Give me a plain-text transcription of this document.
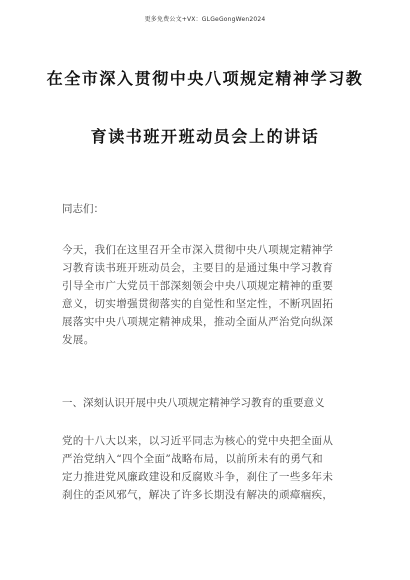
更多免费公文+VX：GLGeGongWen2024
在全市深入贯彻中央八项规定精神学习教
育读书班开班动员会上的讲话
同志们：
今天，我们在这里召开全市深入贯彻中央八项规定精神学
习教育读书班开班动员会，主要目的是通过集中学习教育
引导全市广大党员干部深刻领会中央八项规定精神的重要
意义，切实增强贯彻落实的自觉性和坚定性，不断巩固拓
展落实中央八项规定精神成果，推动全面从严治党向纵深
发展。
一、深刻认识开展中央八项规定精神学习教育的重要意义
党的十八大以来，以习近平同志为核心的党中央把全面从
严治党纳入“四个全面”战略布局，以前所未有的勇气和
定力推进党风廉政建设和反腐败斗争，刹住了一些多年未
刹住的歪风邪气，解决了许多长期没有解决的顽瘴痼疾，
